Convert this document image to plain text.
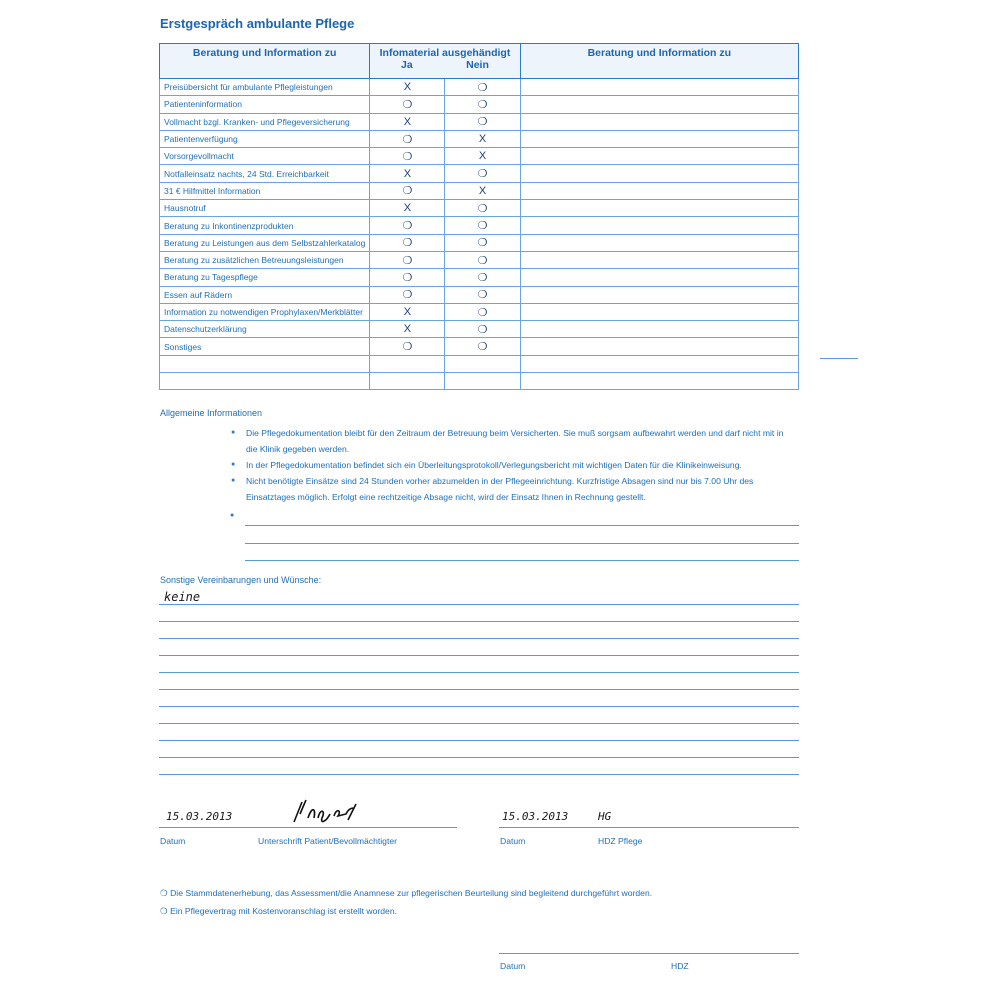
Erstgespräch ambulante Pflege
Beratung und Information zu	Infomaterial ausgehändigt
Ja Nein		Beratung und Information zu
Preisübersicht für ambulante Pflegleistungen	X	❍	
Patienteninformation	❍	❍	
Vollmacht bzgl. Kranken- und Pflegeversicherung	X	❍	
Patientenverfügung	❍	X	
Vorsorgevollmacht	❍	X	
Notfalleinsatz nachts, 24 Std. Erreichbarkeit	X	❍	
31 € Hilfmittel Information	❍	X	
Hausnotruf	X	❍	
Beratung zu Inkontinenzprodukten	❍	❍	
Beratung zu Leistungen aus dem Selbstzahlerkatalog	❍	❍	
Beratung zu zusätzlichen Betreuungsleistungen	❍	❍	
Beratung zu Tagespflege	❍	❍	
Essen auf Rädern	❍	❍	
Information zu notwendigen Prophylaxen/Merkblätter	X	❍	
Datenschutzerklärung	X	❍	
Sonstiges	❍	❍	

Allgemeine Informationen
● Die Pflegedokumentation bleibt für den Zeitraum der Betreuung beim Versicherten. Sie muß sorgsam aufbewahrt werden und darf nicht mit in die Klinik gegeben werden.
● In der Pflegedokumentation befindet sich ein Überleitungsprotokoll/Verlegungsbericht mit wichtigen Daten für die Klinikeinweisung.
● Nicht benötigte Einsätze sind 24 Stunden vorher abzumelden in der Pflegeeinrichtung. Kurzfristige Absagen sind nur bis 7.00 Uhr des Einsatztages möglich. Erfolgt eine rechtzeitige Absage nicht, wird der Einsatz Ihnen in Rechnung gestellt.
●
Sonstige Vereinbarungen und Wünsche:
keine
15.03.2013
Datum	Unterschrift Patient/Bevollmächtigter
15.03.2013	HG
Datum	HDZ Pflege
❍ Die Stammdatenerhebung, das Assessment/die Anamnese zur pflegerischen Beurteilung sind begleitend durchgeführt worden.
❍ Ein Pflegevertrag mit Kostenvoranschlag ist erstellt worden.
Datum	HDZ
